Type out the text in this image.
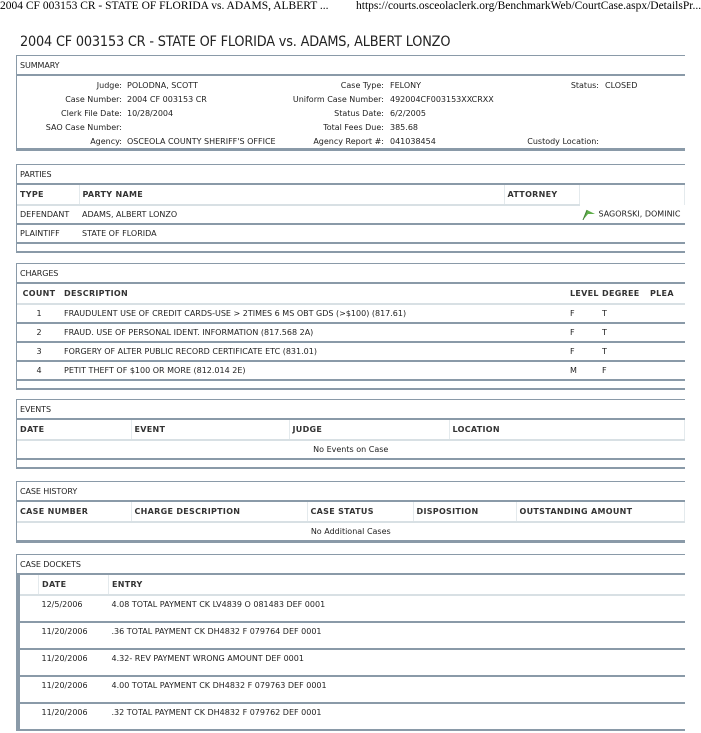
2004 CF 003153 CR - STATE OF FLORIDA vs. ADAMS, ALBERT ... https://courts.osceolaclerk.org/BenchmarkWeb/CourtCase.aspx/DetailsPr...
2004 CF 003153 CR - STATE OF FLORIDA vs. ADAMS, ALBERT LONZO
SUMMARY
Judge: POLODNA, SCOTT
Case Number: 2004 CF 003153 CR
Clerk File Date: 10/28/2004
SAO Case Number:
Agency: OSCEOLA COUNTY SHERIFF'S OFFICE
Case Type: FELONY
Uniform Case Number: 492004CF003153XXCRXX
Status Date: 6/2/2005
Total Fees Due: 385.68
Agency Report #: 041038454
Status: CLOSED
Custody Location:
PARTIES
TYPE	PARTY NAME	ATTORNEY	
DEFENDANT	ADAMS, ALBERT LONZO		SAGORSKI, DOMINIC
PLAINTIFF	STATE OF FLORIDA		

CHARGES
COUNT	DESCRIPTION	LEVEL	DEGREE	PLEA
1	FRAUDULENT USE OF CREDIT CARDS-USE > 2TIMES 6 MS OBT GDS (>$100) (817.61)	F	T	
2	FRAUD. USE OF PERSONAL IDENT. INFORMATION (817.568 2A)	F	T	
3	FORGERY OF ALTER PUBLIC RECORD CERTIFICATE ETC (831.01)	F	T	
4	PETIT THEFT OF $100 OR MORE (812.014 2E)	M	F	

EVENTS
DATE	EVENT	JUDGE	LOCATION
No Events on Case

CASE HISTORY
CASE NUMBER	CHARGE DESCRIPTION	CASE STATUS	DISPOSITION	OUTSTANDING AMOUNT
No Additional Cases
CASE DOCKETS
	DATE	ENTRY
	12/5/2006	4.08 TOTAL PAYMENT CK LV4839 O 081483 DEF 0001
	11/20/2006	.36 TOTAL PAYMENT CK DH4832 F 079764 DEF 0001
	11/20/2006	4.32- REV PAYMENT WRONG AMOUNT DEF 0001
	11/20/2006	4.00 TOTAL PAYMENT CK DH4832 F 079763 DEF 0001
	11/20/2006	.32 TOTAL PAYMENT CK DH4832 F 079762 DEF 0001
